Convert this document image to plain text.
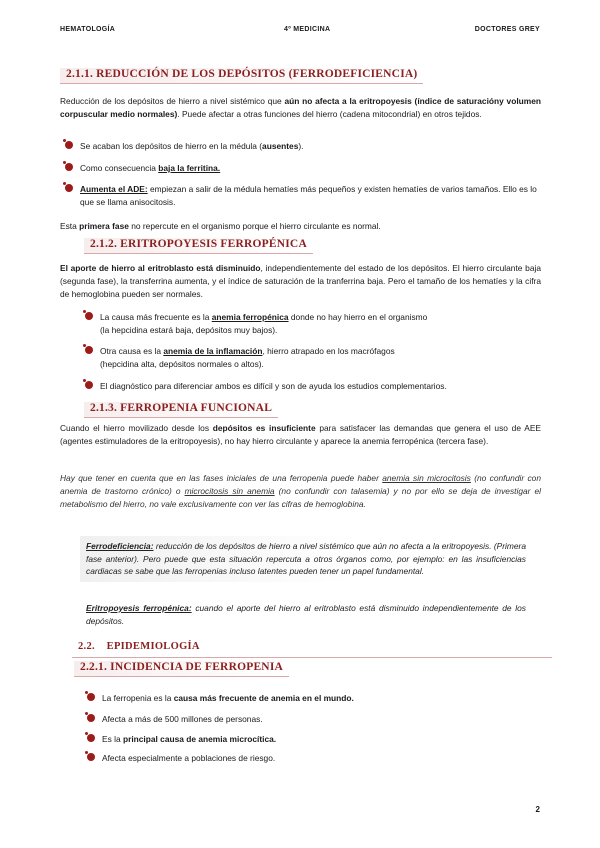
HEMATOLOGÍA	4º MEDICINA	DOCTORES GREY
2.1.1. REDUCCIÓN DE LOS DEPÓSITOS (FERRODEFICIENCIA)
Reducción de los depósitos de hierro a nivel sistémico que aún no afecta a la eritropoyesis (índice de saturacióny volumen corpuscular medio normales). Puede afectar a otras funciones del hierro (cadena mitocondrial) en otros tejidos.
Se acaban los depósitos de hierro en la médula (ausentes).
Como consecuencia baja la ferritina.
Aumenta el ADE: empiezan a salir de la médula hematíes más pequeños y existen hematíes de varios tamaños. Ello es lo que se llama anisocitosis.
Esta primera fase no repercute en el organismo porque el hierro circulante es normal.
2.1.2. ERITROPOYESIS FERROPÉNICA
El aporte de hierro al eritroblasto está disminuido, independientemente del estado de los depósitos. El hierro circulante baja (segunda fase), la transferrina aumenta, y el índice de saturación de la tranferrina baja. Pero el tamaño de los hematíes y la cifra de hemoglobina pueden ser normales.
La causa más frecuente es la anemia ferropénica donde no hay hierro en el organismo
(la hepcidina estará baja, depósitos muy bajos).
Otra causa es la anemia de la inflamación, hierro atrapado en los macrófagos
(hepcidina alta, depósitos normales o altos).
El diagnóstico para diferenciar ambos es difícil y son de ayuda los estudios complementarios.
2.1.3. FERROPENIA FUNCIONAL
Cuando el hierro movilizado desde los depósitos es insuficiente para satisfacer las demandas que genera el uso de AEE (agentes estimuladores de la eritropoyesis), no hay hierro circulante y aparece la anemia ferropénica (tercera fase).
Hay que tener en cuenta que en las fases iniciales de una ferropenia puede haber anemia sin microcitosis (no confundir con anemia de trastorno crónico) o microcitosis sin anemia (no confundir con talasemia) y no por ello se deja de investigar el metabolismo del hierro, no vale exclusivamente con ver las cifras de hemoglobina.
Ferrodeficiencia: reducción de los depósitos de hierro a nivel sistémico que aún no afecta a la eritropoyesis. (Primera fase anterior). Pero puede que esta situación repercuta a otros órganos como, por ejemplo: en las insuficiencias cardiacas se sabe que las ferropenias incluso latentes pueden tener un papel fundamental.
Eritropoyesis ferropénica: cuando el aporte del hierro al eritroblasto está disminuido independientemente de los depósitos.
2.2.    EPIDEMIOLOGÍA
2.2.1. INCIDENCIA DE FERROPENIA
La ferropenia es la causa más frecuente de anemia en el mundo.
Afecta a más de 500 millones de personas.
Es la principal causa de anemia microcítica.
Afecta especialmente a poblaciones de riesgo.
2
